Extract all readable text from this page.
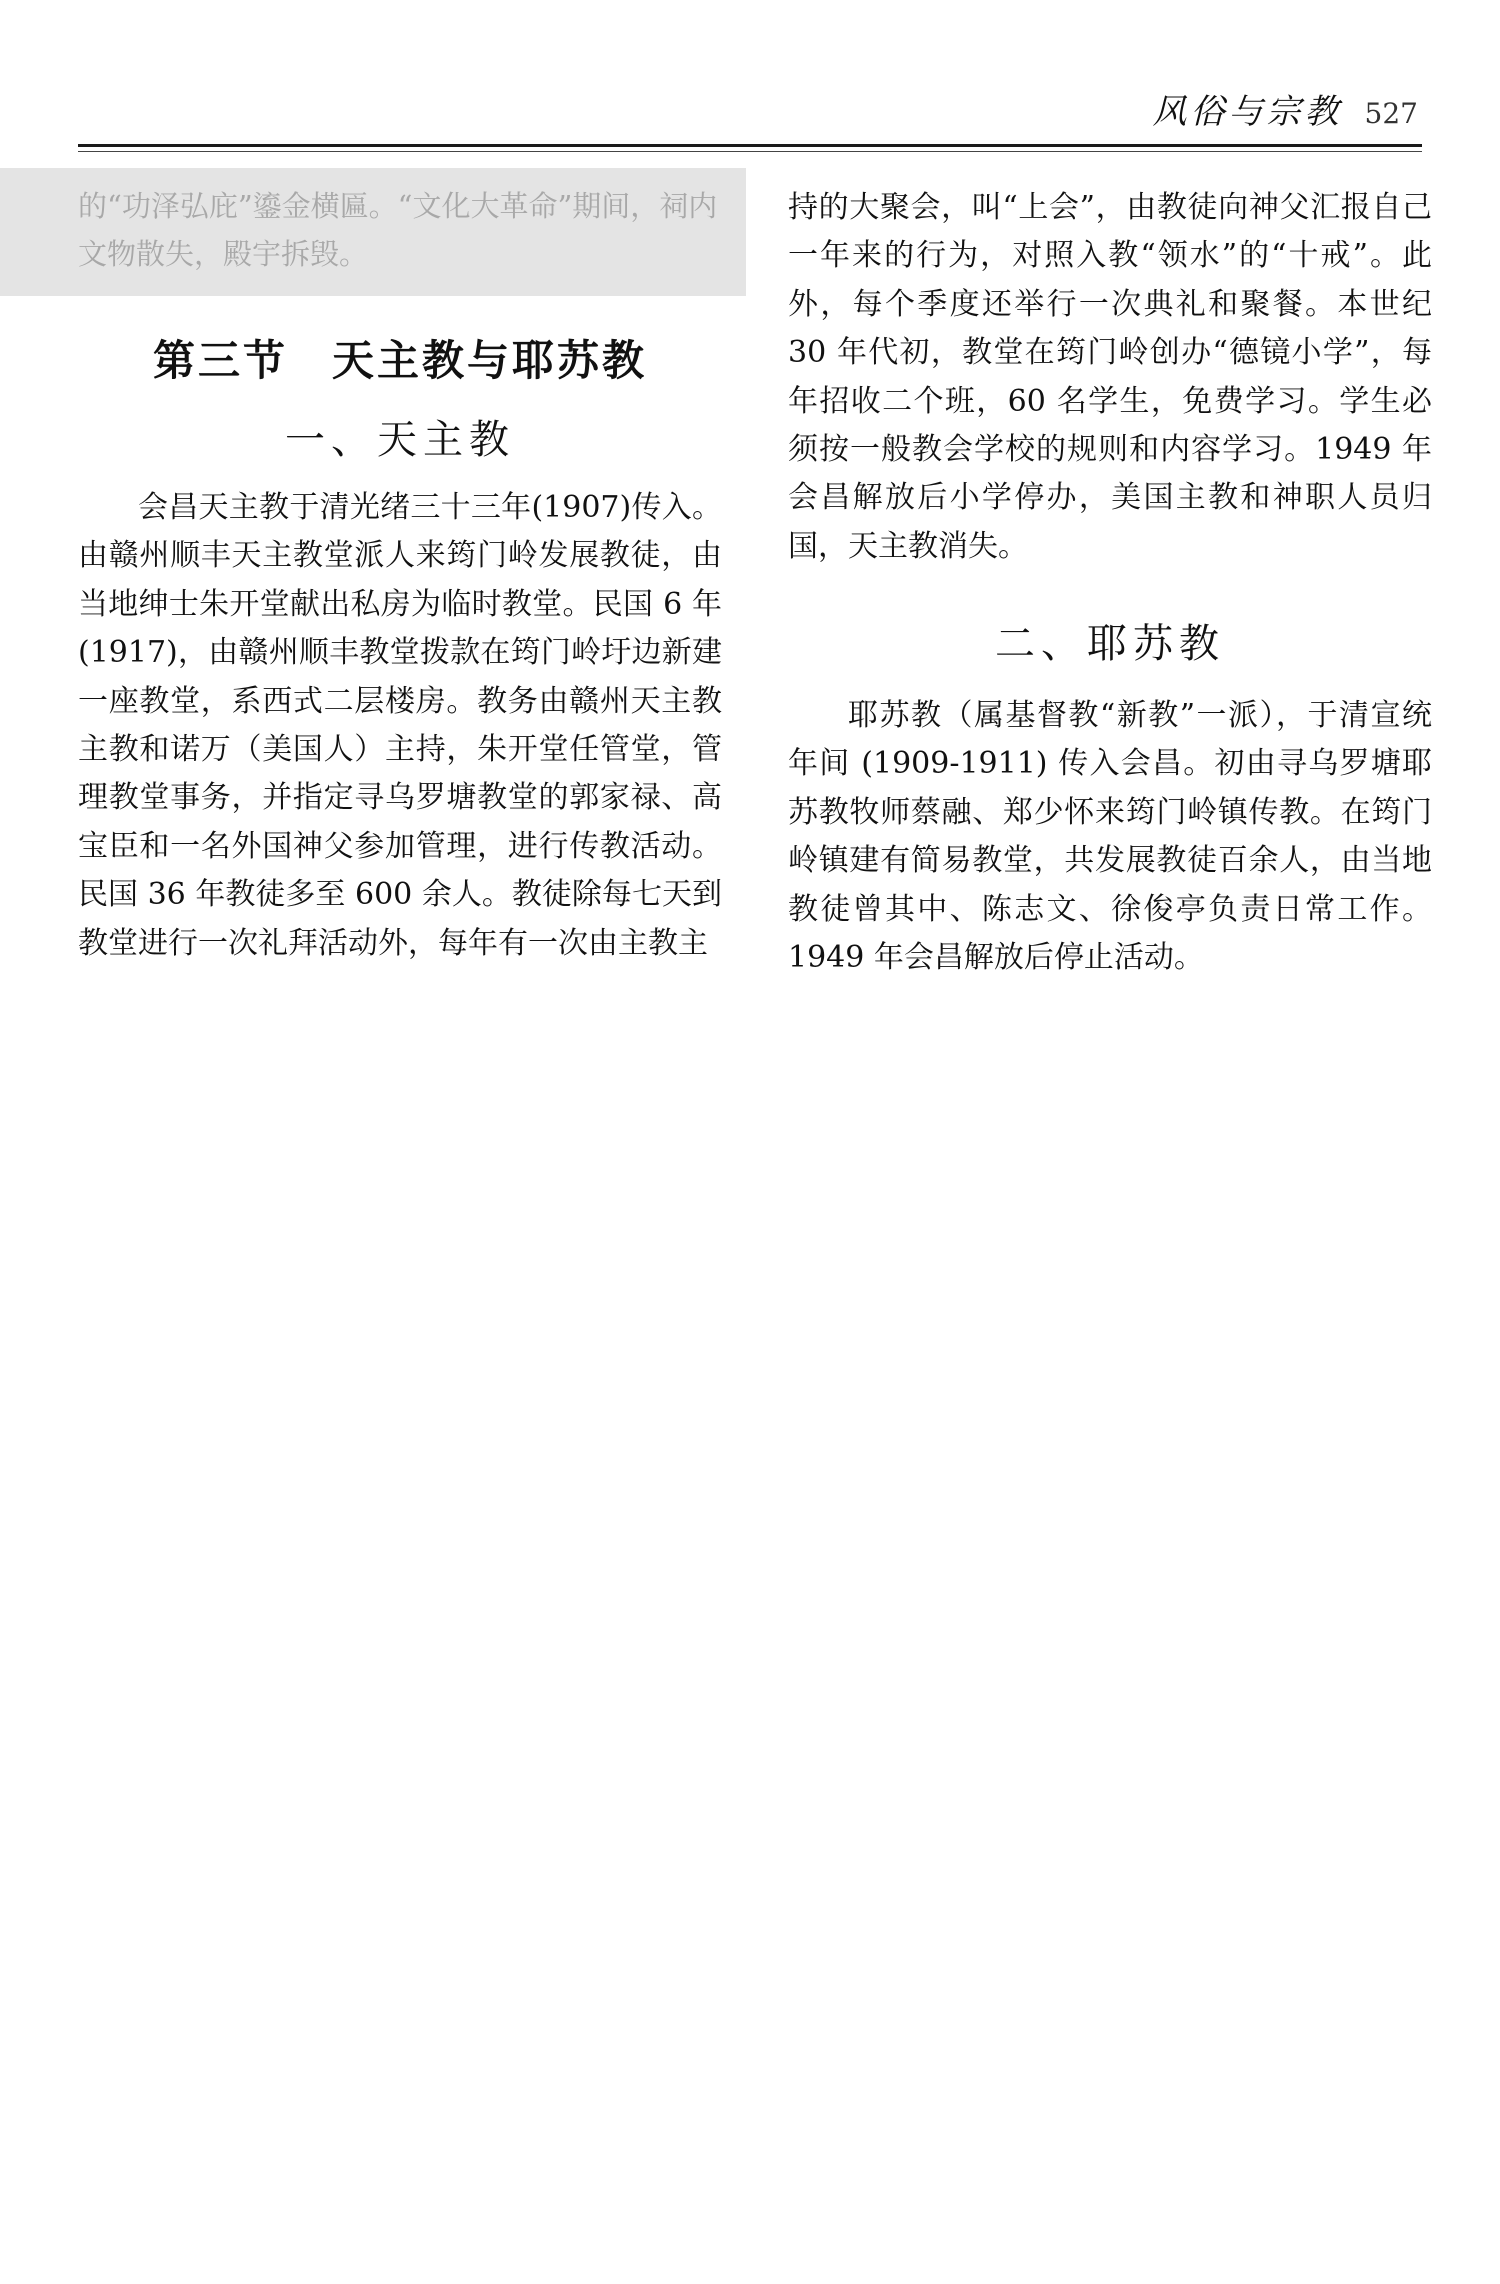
风俗与宗教 527

的“功泽弘庇”鎏金横匾。“文化大革命”期间，祠内文物散失，殿宇拆毁。

第三节 天主教与耶苏教
一、天主教

会昌天主教于清光绪三十三年(1907)传入。由赣州顺丰天主教堂派人来筠门岭发展教徒，由当地绅士朱开堂献出私房为临时教堂。民国 6 年 (1917)，由赣州顺丰教堂拨款在筠门岭圩边新建一座教堂，系西式二层楼房。教务由赣州天主教主教和诺万（美国人）主持，朱开堂任管堂，管理教堂事务，并指定寻乌罗塘教堂的郭家禄、高宝臣和一名外国神父参加管理，进行传教活动。民国 36 年教徒多至 600 余人。教徒除每七天到教堂进行一次礼拜活动外，每年有一次由主教主

持的大聚会，叫“上会”，由教徒向神父汇报自己一年来的行为，对照入教“领水”的“十戒”。此外，每个季度还举行一次典礼和聚餐。本世纪 30 年代初，教堂在筠门岭创办“德镜小学”，每年招收二个班，60 名学生，免费学习。学生必须按一般教会学校的规则和内容学习。1949 年会昌解放后小学停办，美国主教和神职人员归国，天主教消失。

二、耶苏教

耶苏教（属基督教“新教”一派），于清宣统年间 (1909-1911) 传入会昌。初由寻乌罗塘耶苏教牧师蔡融、郑少怀来筠门岭镇传教。在筠门岭镇建有简易教堂，共发展教徒百余人，由当地教徒曾其中、陈志文、徐俊亭负责日常工作。1949 年会昌解放后停止活动。
